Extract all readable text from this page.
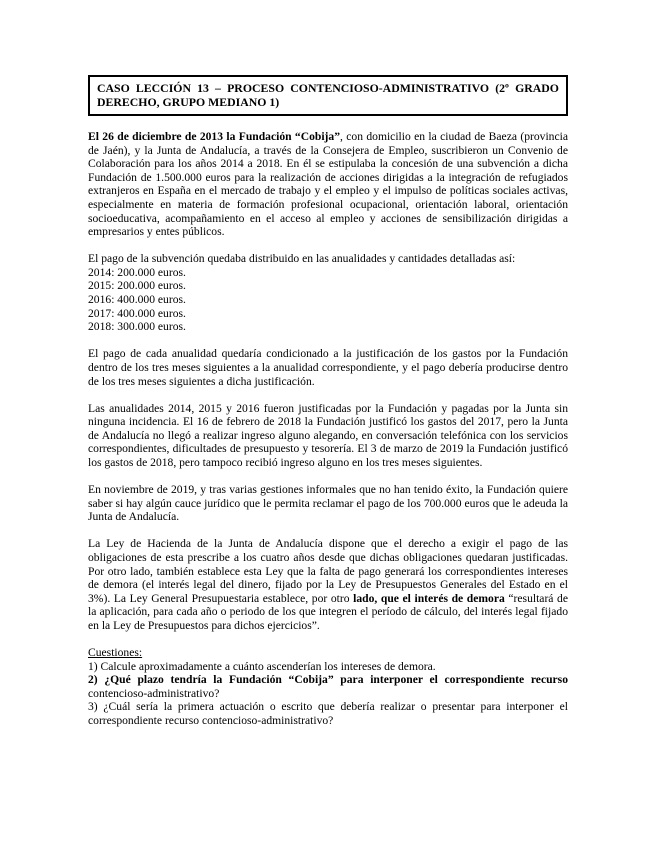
CASO LECCIÓN 13 – PROCESO CONTENCIOSO-ADMINISTRATIVO (2º GRADO DERECHO, GRUPO MEDIANO 1)
El 26 de diciembre de 2013 la Fundación “Cobija”, con domicilio en la ciudad de Baeza (provincia de Jaén), y la Junta de Andalucía, a través de la Consejera de Empleo, suscribieron un Convenio de Colaboración para los años 2014 a 2018. En él se estipulaba la concesión de una subvención a dicha Fundación de 1.500.000 euros para la realización de acciones dirigidas a la integración de refugiados extranjeros en España en el mercado de trabajo y el empleo y el impulso de políticas sociales activas, especialmente en materia de formación profesional ocupacional, orientación laboral, orientación socioeducativa, acompañamiento en el acceso al empleo y acciones de sensibilización dirigidas a empresarios y entes públicos.
El pago de la subvención quedaba distribuido en las anualidades y cantidades detalladas así:
2014: 200.000 euros.
2015: 200.000 euros.
2016: 400.000 euros.
2017: 400.000 euros.
2018: 300.000 euros.
El pago de cada anualidad quedaría condicionado a la justificación de los gastos por la Fundación dentro de los tres meses siguientes a la anualidad correspondiente, y el pago debería producirse dentro de los tres meses siguientes a dicha justificación.
Las anualidades 2014, 2015 y 2016 fueron justificadas por la Fundación y pagadas por la Junta sin ninguna incidencia. El 16 de febrero de 2018 la Fundación justificó los gastos del 2017, pero la Junta de Andalucía no llegó a realizar ingreso alguno alegando, en conversación telefónica con los servicios correspondientes, dificultades de presupuesto y tesorería. El 3 de marzo de 2019 la Fundación justificó los gastos de 2018, pero tampoco recibió ingreso alguno en los tres meses siguientes.
En noviembre de 2019, y tras varias gestiones informales que no han tenido éxito, la Fundación quiere saber si hay algún cauce jurídico que le permita reclamar el pago de los 700.000 euros que le adeuda la Junta de Andalucía.
La Ley de Hacienda de la Junta de Andalucía dispone que el derecho a exigir el pago de las obligaciones de esta prescribe a los cuatro años desde que dichas obligaciones quedaran justificadas. Por otro lado, también establece esta Ley que la falta de pago generará los correspondientes intereses de demora (el interés legal del dinero, fijado por la Ley de Presupuestos Generales del Estado en el 3%). La Ley General Presupuestaria establece, por otro lado, que el interés de demora “resultará de la aplicación, para cada año o periodo de los que integren el período de cálculo, del interés legal fijado en la Ley de Presupuestos para dichos ejercicios”.
Cuestiones:
1) Calcule aproximadamente a cuánto ascenderían los intereses de demora.
2) ¿Qué plazo tendría la Fundación “Cobija” para interponer el correspondiente recurso contencioso-administrativo?
3) ¿Cuál sería la primera actuación o escrito que debería realizar o presentar para interponer el correspondiente recurso contencioso-administrativo?
